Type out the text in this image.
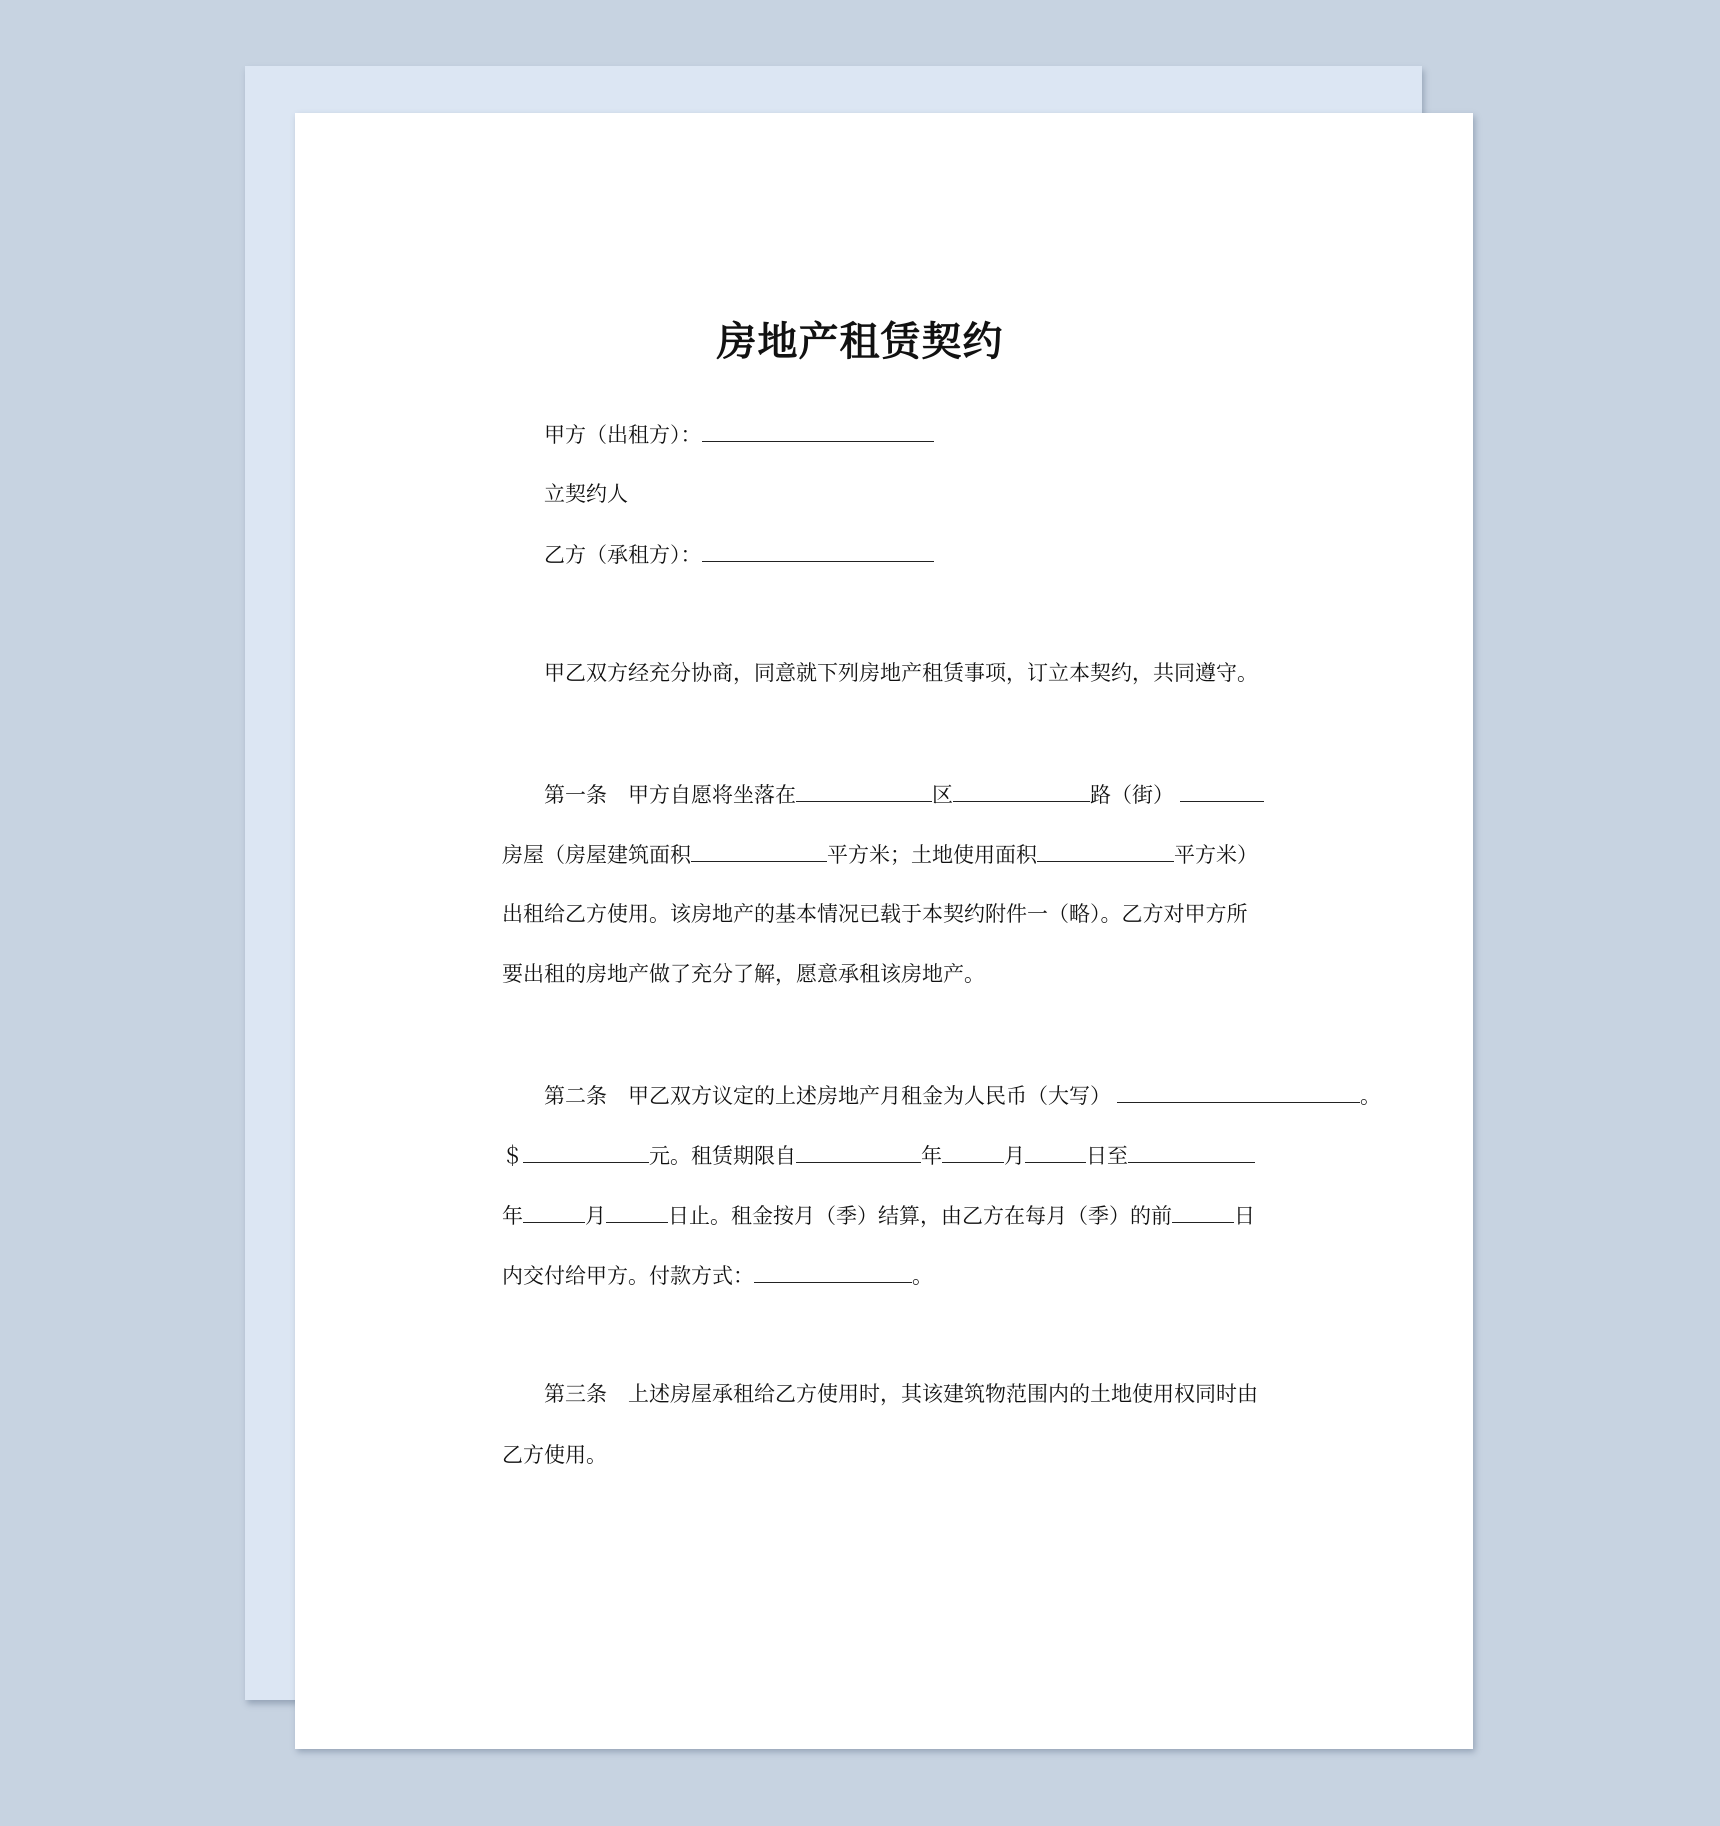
房地产租赁契约
甲方（出租方）：
立契约人
乙方（承租方）：
甲乙双方经充分协商，同意就下列房地产租赁事项，订立本契约，共同遵守。
第一条　甲方自愿将坐落在	区	路（街）
房屋（房屋建筑面积	平方米；土地使用面积	平方米）
出租给乙方使用。该房地产的基本情况已载于本契约附件一（略）。乙方对甲方所
要出租的房地产做了充分了解，愿意承租该房地产。
第二条　甲乙双方议定的上述房地产月租金为人民币（大写）	。
＄	元。租赁期限自	年	月	日至
年	月	日止。租金按月（季）结算，由乙方在每月（季）的前	日
内交付给甲方。付款方式：	。
第三条　上述房屋承租给乙方使用时，其该建筑物范围内的土地使用权同时由
乙方使用。
